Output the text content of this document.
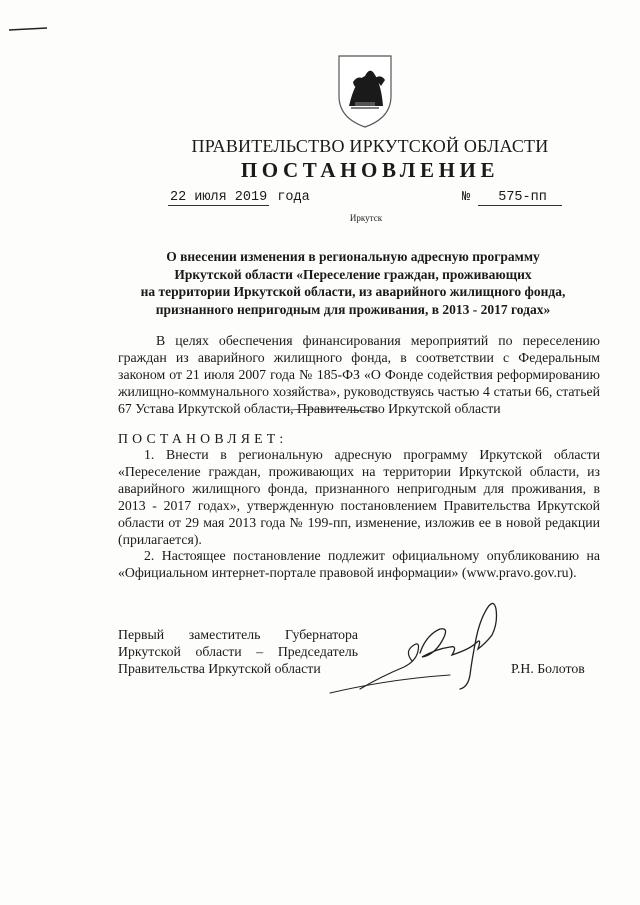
ПРАВИТЕЛЬСТВО ИРКУТСКОЙ ОБЛАСТИ
ПОСТАНОВЛЕНИЕ
22 июля 2019 года	№ 575-пп
Иркутск
О внесении изменения в региональную адресную программу
Иркутской области «Переселение граждан, проживающих
на территории Иркутской области, из аварийного жилищного фонда,
признанного непригодным для проживания, в 2013 - 2017 годах»
В целях обеспечения финансирования мероприятий по переселению граждан из аварийного жилищного фонда, в соответствии с Федеральным законом от 21 июля 2007 года № 185-ФЗ «О Фонде содействия реформированию жилищно-коммунального хозяйства», руководствуясь частью 4 статьи 66, статьей 67 Устава Иркутской области, Правительство Иркутской области
ПОСТАНОВЛЯЕТ:
1. Внести в региональную адресную программу Иркутской области «Переселение граждан, проживающих на территории Иркутской области, из аварийного жилищного фонда, признанного непригодным для проживания, в 2013 - 2017 годах», утвержденную постановлением Правительства Иркутской области от 29 мая 2013 года № 199-пп, изменение, изложив ее в новой редакции (прилагается).
2. Настоящее постановление подлежит официальному опубликованию на «Официальном интернет-портале правовой информации» (www.pravo.gov.ru).
Первый заместитель Губернатора
Иркутской области – Председатель
Правительства Иркутской области	Р.Н. Болотов
